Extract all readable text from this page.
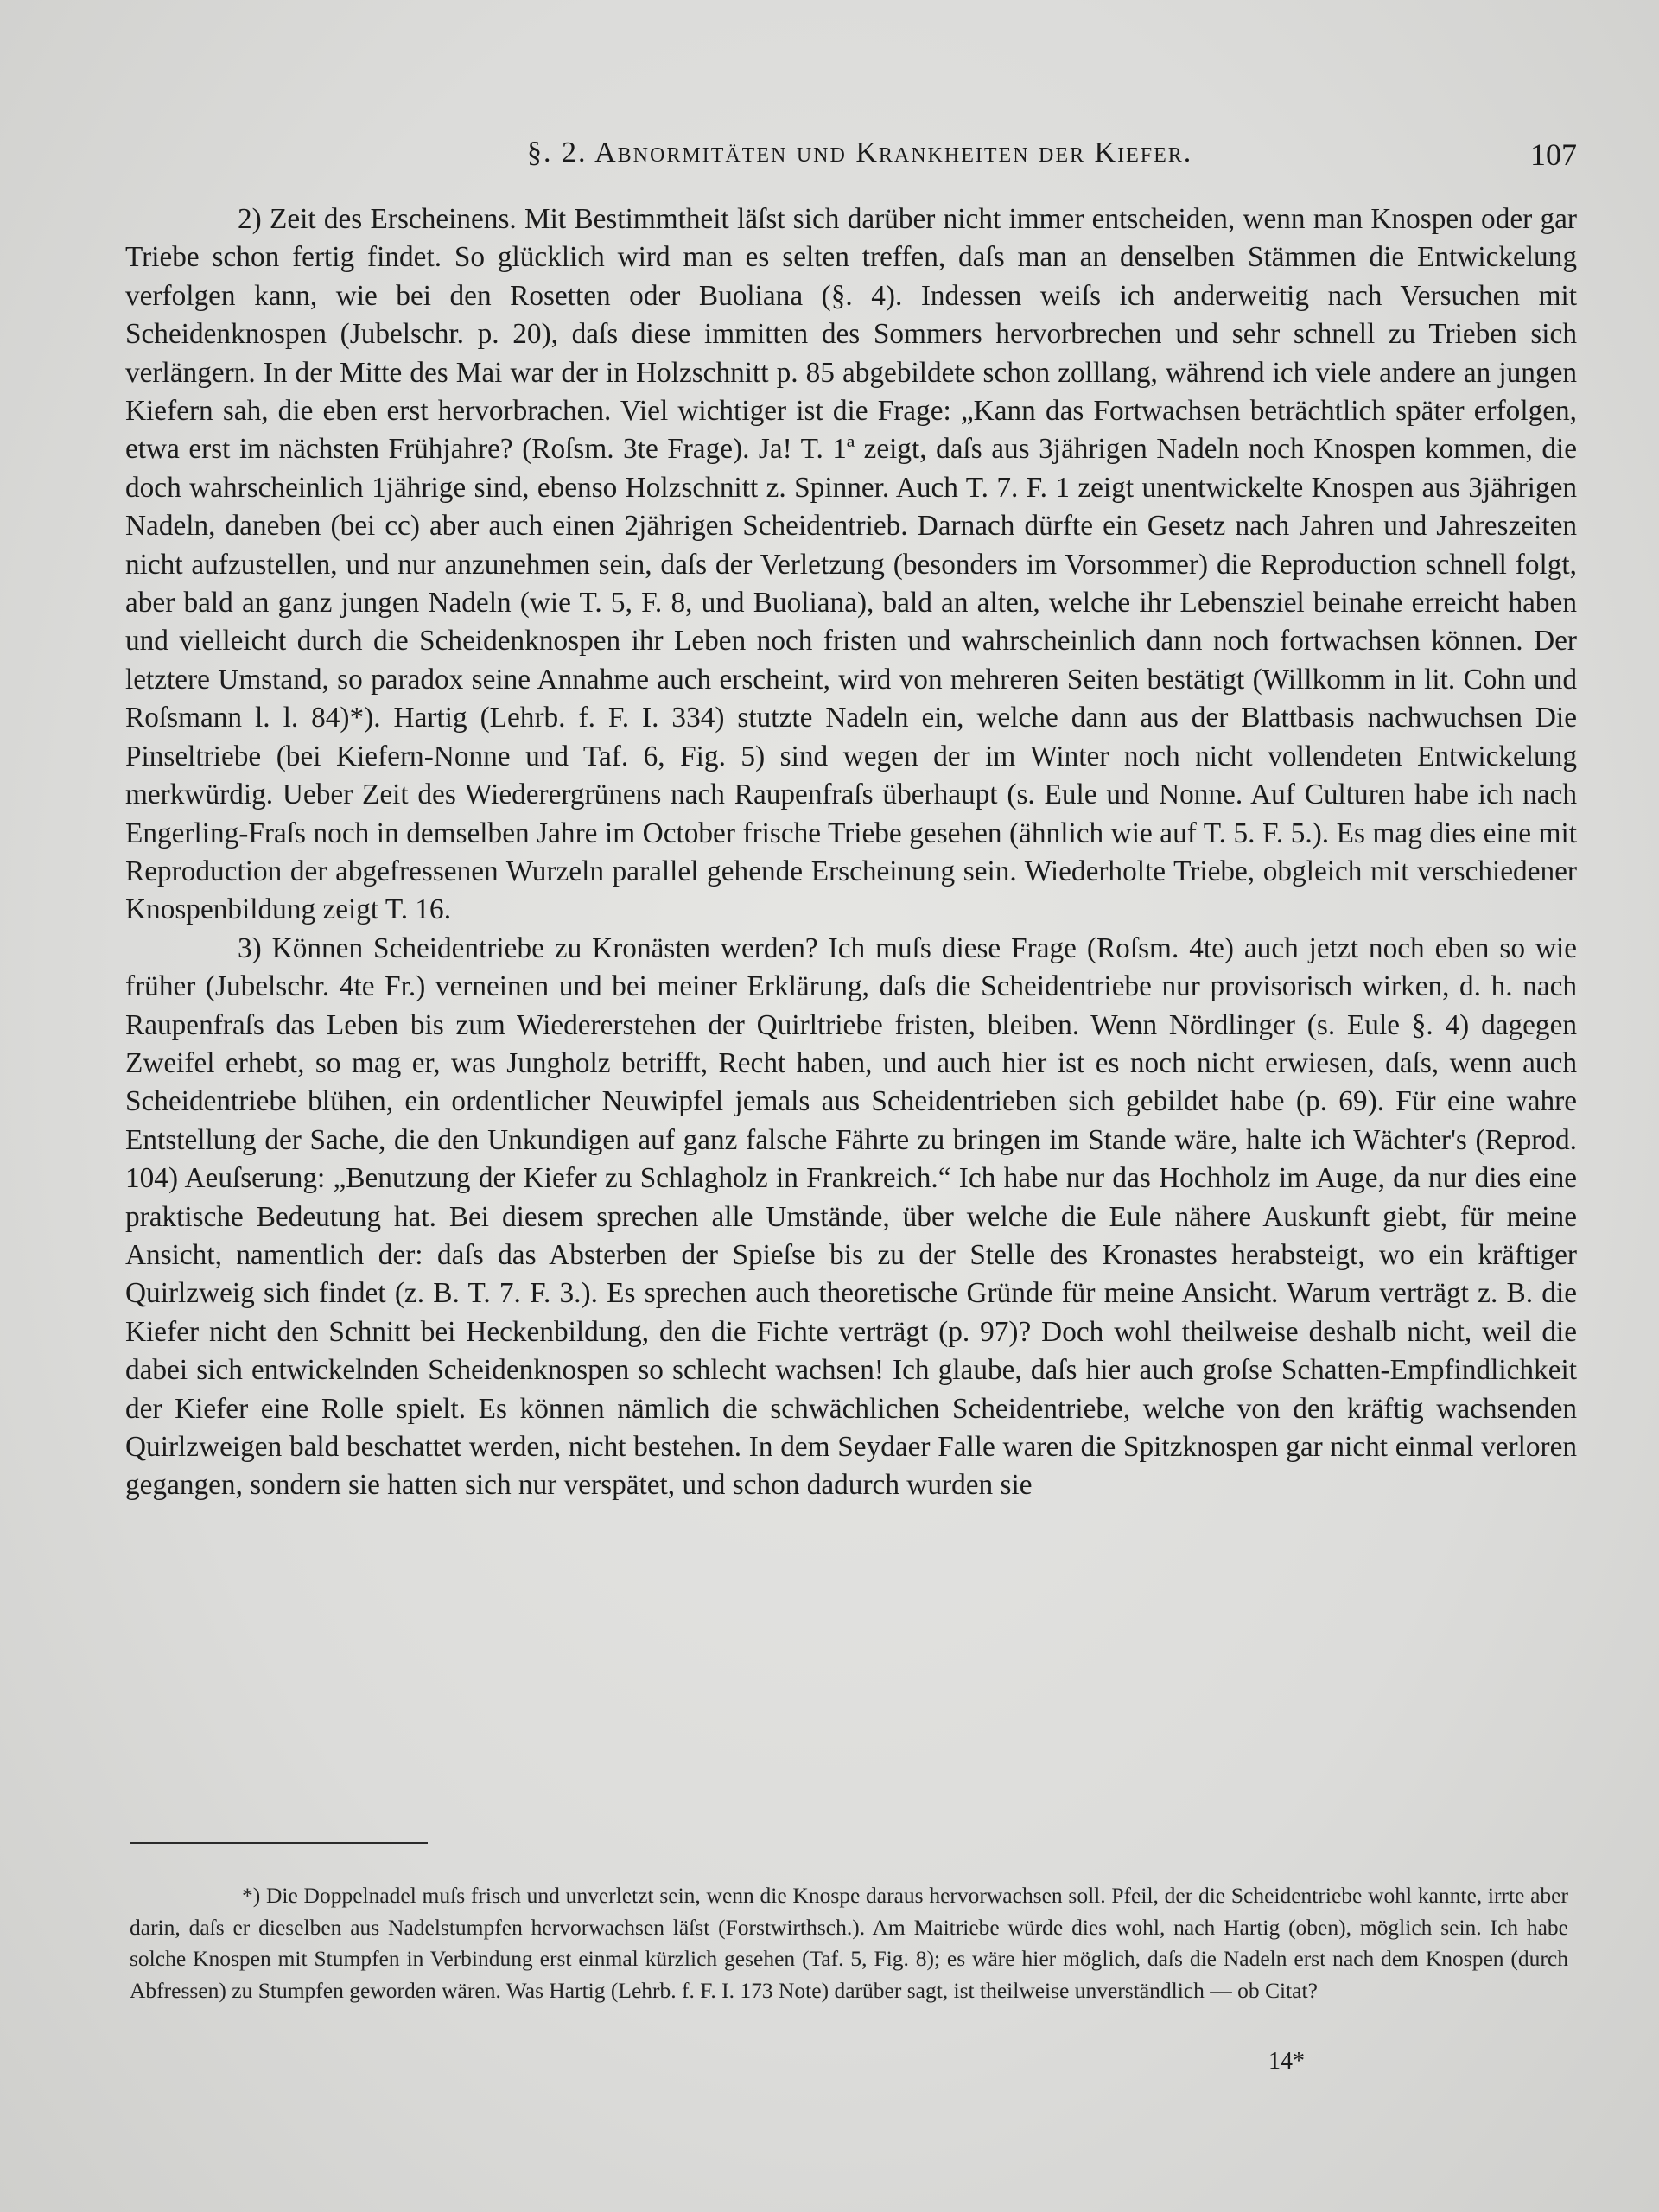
§. 2. Abnormitäten und Krankheiten der Kiefer.	107

2) Zeit des Erscheinens. Mit Bestimmtheit läſst sich darüber nicht immer entscheiden, wenn man Knospen oder gar Triebe schon fertig findet. So glücklich wird man es selten treffen, daſs man an denselben Stämmen die Entwickelung verfolgen kann, wie bei den Rosetten oder Buoliana (§. 4). Indessen weiſs ich anderweitig nach Versuchen mit Scheidenknospen (Jubelschr. p. 20), daſs diese immitten des Sommers hervorbrechen und sehr schnell zu Trieben sich verlängern. In der Mitte des Mai war der in Holzschnitt p. 85 abgebildete schon zolllang, während ich viele andere an jungen Kiefern sah, die eben erst hervorbrachen. Viel wichtiger ist die Frage: „Kann das Fortwachsen beträchtlich später erfolgen, etwa erst im nächsten Frühjahre? (Roſsm. 3te Frage). Ja! T. 1ª zeigt, daſs aus 3jährigen Nadeln noch Knospen kommen, die doch wahrscheinlich 1jährige sind, ebenso Holzschnitt z. Spinner. Auch T. 7. F. 1 zeigt unentwickelte Knospen aus 3jährigen Nadeln, daneben (bei cc) aber auch einen 2jährigen Scheidentrieb. Darnach dürfte ein Gesetz nach Jahren und Jahreszeiten nicht aufzustellen, und nur anzunehmen sein, daſs der Verletzung (besonders im Vorsommer) die Reproduction schnell folgt, aber bald an ganz jungen Nadeln (wie T. 5, F. 8, und Buoliana), bald an alten, welche ihr Lebensziel beinahe erreicht haben und vielleicht durch die Scheidenknospen ihr Leben noch fristen und wahrscheinlich dann noch fortwachsen können. Der letztere Umstand, so paradox seine Annahme auch erscheint, wird von mehreren Seiten bestätigt (Willkomm in lit. Cohn und Roſsmann l. l. 84)*). Hartig (Lehrb. f. F. I. 334) stutzte Nadeln ein, welche dann aus der Blattbasis nachwuchsen Die Pinseltriebe (bei Kiefern-Nonne und Taf. 6, Fig. 5) sind wegen der im Winter noch nicht vollendeten Entwickelung merkwürdig. Ueber Zeit des Wiederergrünens nach Raupenfraſs überhaupt (s. Eule und Nonne. Auf Culturen habe ich nach Engerling-Fraſs noch in demselben Jahre im October frische Triebe gesehen (ähnlich wie auf T. 5. F. 5.). Es mag dies eine mit Reproduction der abgefressenen Wurzeln parallel gehende Erscheinung sein. Wiederholte Triebe, obgleich mit verschiedener Knospenbildung zeigt T. 16.

3) Können Scheidentriebe zu Kronästen werden? Ich muſs diese Frage (Roſsm. 4te) auch jetzt noch eben so wie früher (Jubelschr. 4te Fr.) verneinen und bei meiner Erklärung, daſs die Scheidentriebe nur provisorisch wirken, d. h. nach Raupenfraſs das Leben bis zum Wiedererstehen der Quirltriebe fristen, bleiben. Wenn Nördlinger (s. Eule §. 4) dagegen Zweifel erhebt, so mag er, was Jungholz betrifft, Recht haben, und auch hier ist es noch nicht erwiesen, daſs, wenn auch Scheidentriebe blühen, ein ordentlicher Neuwipfel jemals aus Scheidentrieben sich gebildet habe (p. 69). Für eine wahre Entstellung der Sache, die den Unkundigen auf ganz falsche Fährte zu bringen im Stande wäre, halte ich Wächter's (Reprod. 104) Aeuſserung: „Benutzung der Kiefer zu Schlagholz in Frankreich.“ Ich habe nur das Hochholz im Auge, da nur dies eine praktische Bedeutung hat. Bei diesem sprechen alle Umstände, über welche die Eule nähere Auskunft giebt, für meine Ansicht, namentlich der: daſs das Absterben der Spieſse bis zu der Stelle des Kronastes herabsteigt, wo ein kräftiger Quirlzweig sich findet (z. B. T. 7. F. 3.). Es sprechen auch theoretische Gründe für meine Ansicht. Warum verträgt z. B. die Kiefer nicht den Schnitt bei Heckenbildung, den die Fichte verträgt (p. 97)? Doch wohl theilweise deshalb nicht, weil die dabei sich entwickelnden Scheidenknospen so schlecht wachsen! Ich glaube, daſs hier auch groſse Schatten-Empfindlichkeit der Kiefer eine Rolle spielt. Es können nämlich die schwächlichen Scheidentriebe, welche von den kräftig wachsenden Quirlzweigen bald beschattet werden, nicht bestehen. In dem Seydaer Falle waren die Spitzknospen gar nicht einmal verloren gegangen, sondern sie hatten sich nur verspätet, und schon dadurch wurden sie

*) Die Doppelnadel muſs frisch und unverletzt sein, wenn die Knospe daraus hervorwachsen soll. Pfeil, der die Scheidentriebe wohl kannte, irrte aber darin, daſs er dieselben aus Nadelstumpfen hervorwachsen läſst (Forstwirthsch.). Am Maitriebe würde dies wohl, nach Hartig (oben), möglich sein. Ich habe solche Knospen mit Stumpfen in Verbindung erst einmal kürzlich gesehen (Taf. 5, Fig. 8); es wäre hier möglich, daſs die Nadeln erst nach dem Knospen (durch Abfressen) zu Stumpfen geworden wären. Was Hartig (Lehrb. f. F. I. 173 Note) darüber sagt, ist theilweise unverständlich — ob Citat?

14*
